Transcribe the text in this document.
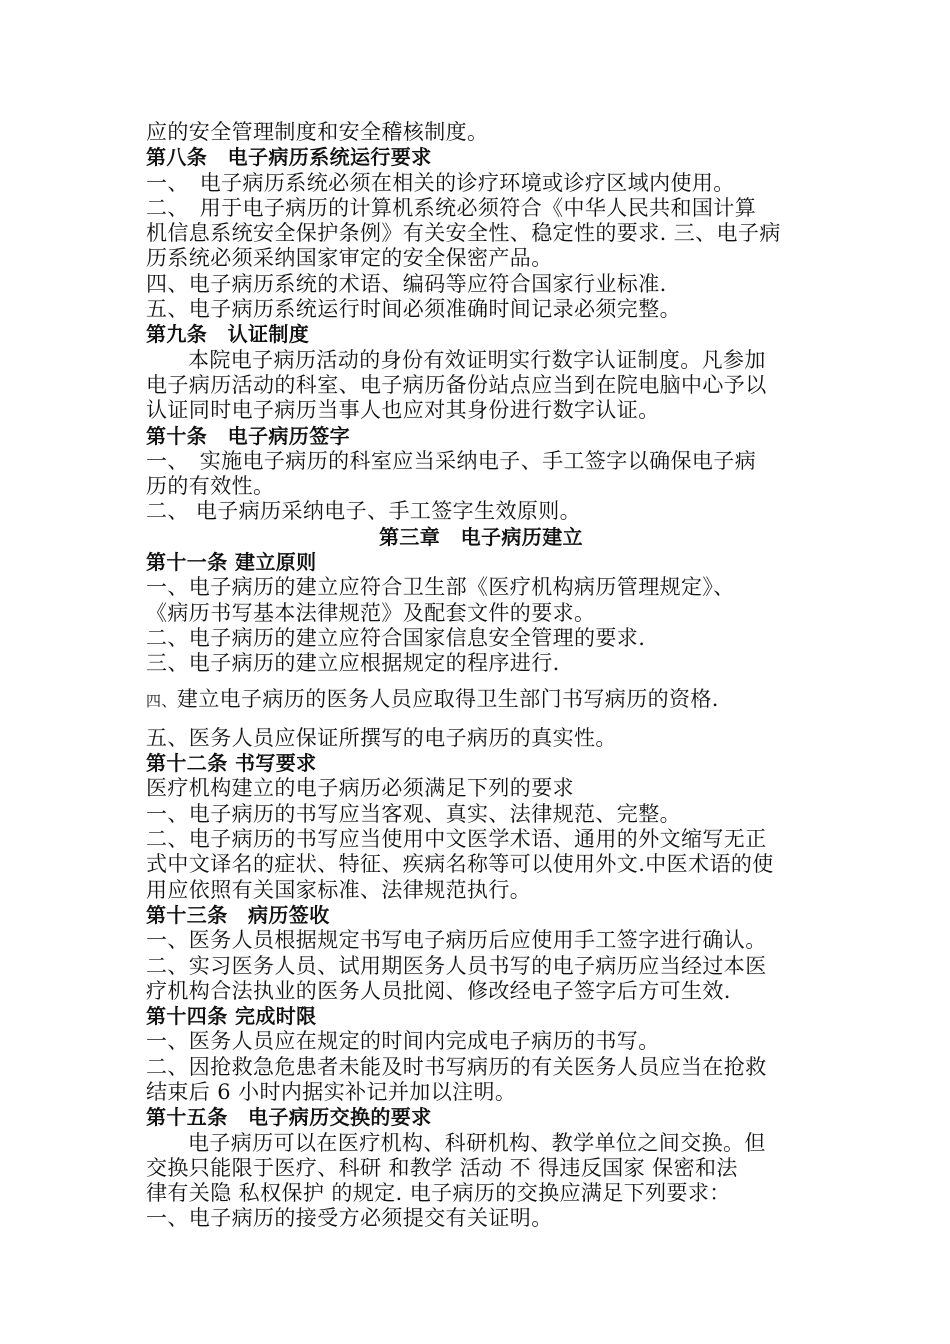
应的安全管理制度和安全稽核制度。
第八条　电子病历系统运行要求
一、　电子病历系统必须在相关的诊疗环境或诊疗区域内使用。
二、　用于电子病历的计算机系统必须符合《中华人民共和国计算
机信息系统安全保护条例》有关安全性、稳定性的要求. 三、电子病
历系统必须采纳国家审定的安全保密产品。
四、电子病历系统的术语、编码等应符合国家行业标准.
五、电子病历系统运行时间必须准确时间记录必须完整。
第九条　认证制度
本院电子病历活动的身份有效证明实行数字认证制度。凡参加
电子病历活动的科室、电子病历备份站点应当到在院电脑中心予以
认证同时电子病历当事人也应对其身份进行数字认证。
第十条　电子病历签字
一、　实施电子病历的科室应当采纳电子、手工签字以确保电子病
历的有效性。
二、 电子病历采纳电子、手工签字生效原则。
第三章　电子病历建立
第十一条 建立原则
一、电子病历的建立应符合卫生部《医疗机构病历管理规定》、
《病历书写基本法律规范》及配套文件的要求。
二、电子病历的建立应符合国家信息安全管理的要求.
三、电子病历的建立应根据规定的程序进行.
四、建立电子病历的医务人员应取得卫生部门书写病历的资格.
五、医务人员应保证所撰写的电子病历的真实性。
第十二条 书写要求
医疗机构建立的电子病历必须满足下列的要求
一、电子病历的书写应当客观、真实、法律规范、完整。
二、电子病历的书写应当使用中文医学术语、通用的外文缩写无正
式中文译名的症状、特征、疾病名称等可以使用外文.中医术语的使
用应依照有关国家标准、法律规范执行。
第十三条　病历签收
一、医务人员根据规定书写电子病历后应使用手工签字进行确认。
二、实习医务人员、试用期医务人员书写的电子病历应当经过本医
疗机构合法执业的医务人员批阅、修改经电子签字后方可生效.
第十四条 完成时限
一、医务人员应在规定的时间内完成电子病历的书写。
二、因抢救急危患者未能及时书写病历的有关医务人员应当在抢救
结束后 6 小时内据实补记并加以注明。
第十五条　电子病历交换的要求
电子病历可以在医疗机构、科研机构、教学单位之间交换。但
交换只能限于医疗、科研 和教学 活动 不 得违反国家 保密和法
律有关隐 私权保护 的规定. 电子病历的交换应满足下列要求：
一、电子病历的接受方必须提交有关证明。
